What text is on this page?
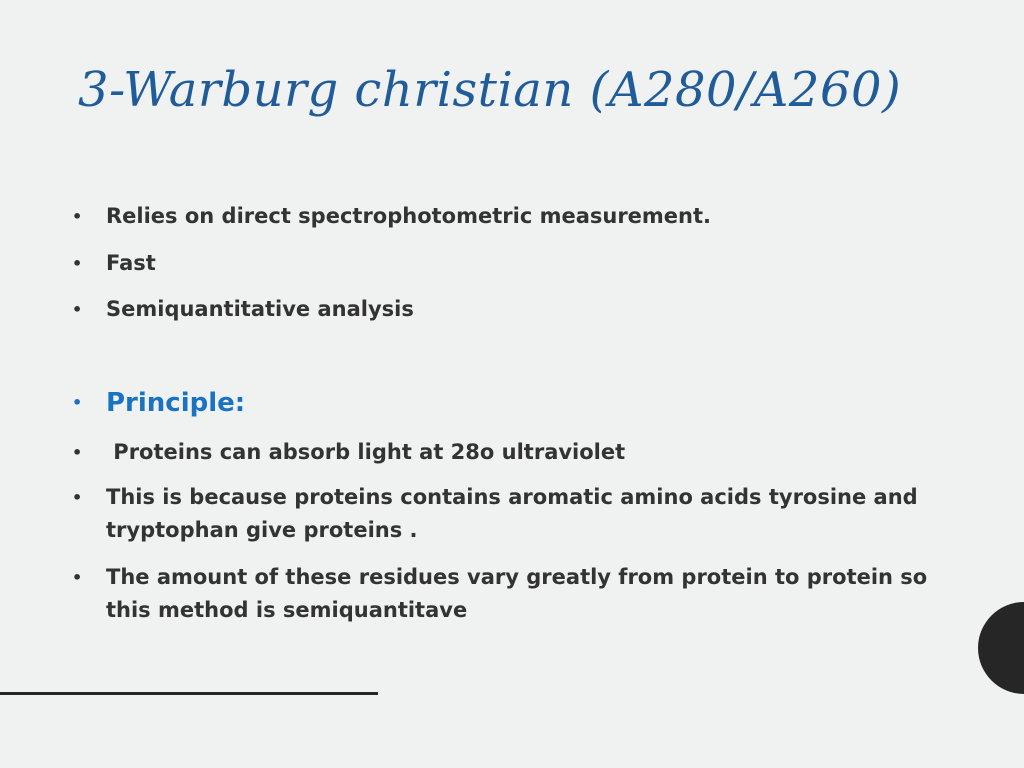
3-Warburg christian (A280/A260)
•	Relies on direct spectrophotometric measurement.
•	Fast
•	Semiquantitative analysis
• Principle:
•	Proteins can absorb light at 28o ultraviolet
•	This is because proteins contains aromatic amino acids tyrosine and tryptophan give proteins .
•	The amount of these residues vary greatly from protein to protein so this method is semiquantitave
